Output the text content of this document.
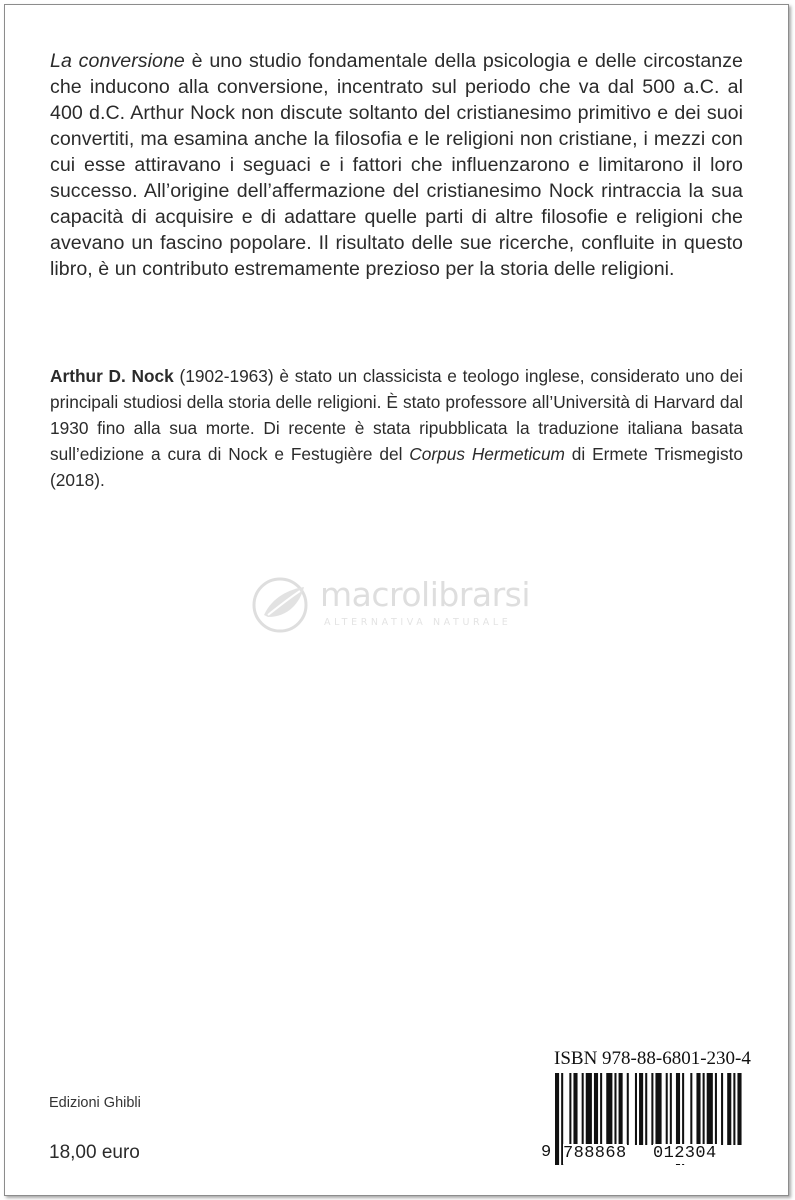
La conversione è uno studio fondamentale della psicologia e delle circostanze che inducono alla conversione, incentrato sul periodo che va dal 500 a.C. al 400 d.C. Arthur Nock non discute soltanto del cristianesimo primitivo e dei suoi convertiti, ma esamina anche la filosofia e le religioni non cristiane, i mezzi con cui esse attiravano i seguaci e i fattori che influenzarono e limitarono il loro successo. All’origine dell’affermazione del cristianesimo Nock rintraccia la sua capacità di acquisire e di adattare quelle parti di altre filosofie e religioni che avevano un fascino popolare. Il risultato delle sue ricerche, confluite in questo libro, è un contributo estremamente prezioso per la storia delle religioni.

Arthur D. Nock (1902-1963) è stato un classicista e teologo inglese, considerato uno dei principali studiosi della storia delle religioni. È stato professore all’Università di Harvard dal 1930 fino alla sua morte. Di recente è stata ripubblicata la traduzione italiana basata sull’edizione a cura di Nock e Festugière del Corpus Hermeticum di Ermete Trismegisto (2018).

macrolibrarsi
ALTERNATIVA NATURALE
ISBN 978-88-6801-230-4
9 788868 012304
Edizioni Ghibli
18,00 euro
